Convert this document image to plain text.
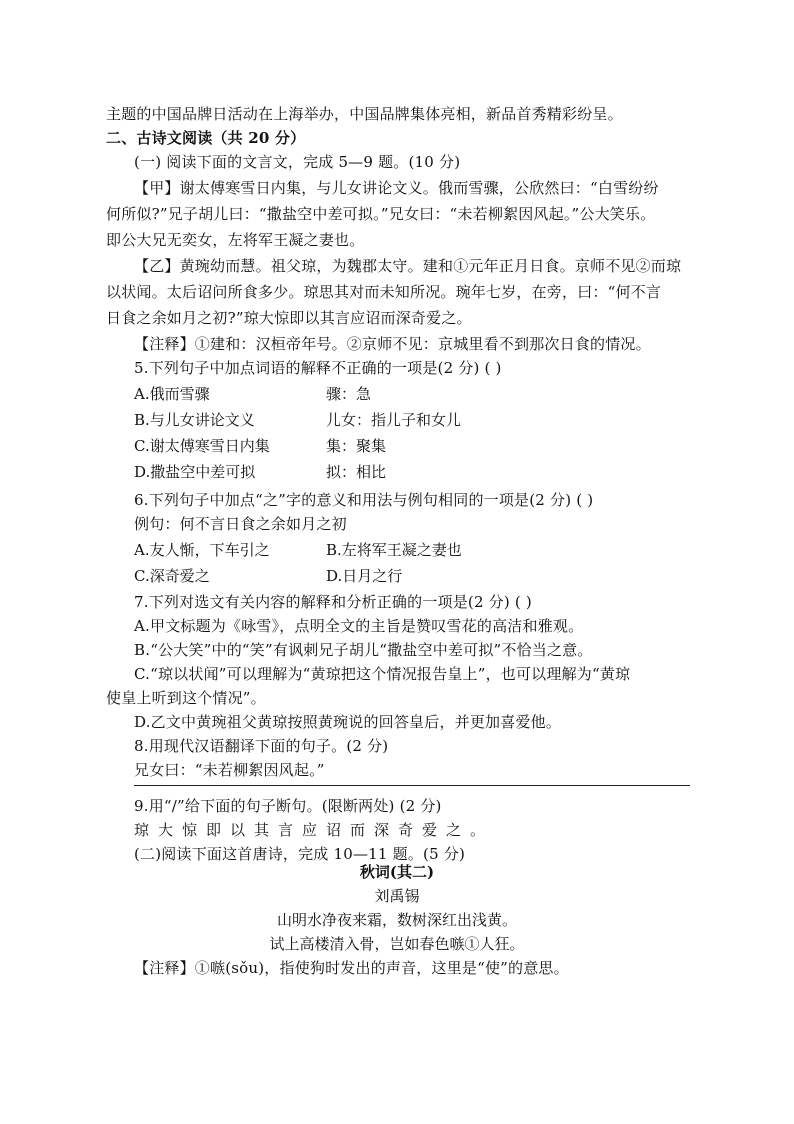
主题的中国品牌日活动在上海举办，中国品牌集体亮相，新品首秀精彩纷呈。
二、古诗文阅读（共 20 分）
(一) 阅读下面的文言文，完成 5—9 题。(10 分)
【甲】谢太傅寒雪日内集，与儿女讲论文义。俄而雪骤，公欣然曰：“白雪纷纷
何所似?”兄子胡儿曰：“撒盐空中差可拟。”兄女曰：“未若柳絮因风起。”公大笑乐。
即公大兄无奕女，左将军王凝之妻也。
【乙】黄琬幼而慧。祖父琼，为魏郡太守。建和①元年正月日食。京师不见②而琼
以状闻。太后诏问所食多少。琼思其对而未知所况。琬年七岁，在旁，曰：“何不言
日食之余如月之初?”琼大惊即以其言应诏而深奇爱之。
【注释】①建和：汉桓帝年号。②京师不见：京城里看不到那次日食的情况。
5.下列句子中加点词语的解释不正确的一项是(2 分) ( )
A.俄而雪骤	骤：急
B.与儿女讲论文义	儿女：指儿子和女儿
C.谢太傅寒雪日内集	集：聚集
D.撒盐空中差可拟	拟：相比
6.下列句子中加点“之”字的意义和用法与例句相同的一项是(2 分) ( )
例句：何不言日食之余如月之初
A.友人惭，下车引之	B.左将军王凝之妻也
C.深奇爱之	D.日月之行
7.下列对选文有关内容的解释和分析正确的一项是(2 分) ( )
A.甲文标题为《咏雪》，点明全文的主旨是赞叹雪花的高洁和雅观。
B.“公大笑”中的“笑”有讽刺兄子胡儿“撒盐空中差可拟”不恰当之意。
C.“琼以状闻”可以理解为“黄琼把这个情况报告皇上”，也可以理解为“黄琼
使皇上听到这个情况”。
D.乙文中黄琬祖父黄琼按照黄琬说的回答皇后，并更加喜爱他。
8.用现代汉语翻译下面的句子。(2 分)
兄女曰：“未若柳絮因风起。”
9.用“/”给下面的句子断句。(限断两处) (2 分)
琼大惊即以其言应诏而深奇爱之。
(二)阅读下面这首唐诗，完成 10—11 题。(5 分)
秋词(其二)
刘禹锡
山明水净夜来霜，数树深红出浅黄。
试上高楼清入骨，岂如春色嗾①人狂。
【注释】①嗾(sǒu)，指使狗时发出的声音，这里是“使”的意思。
